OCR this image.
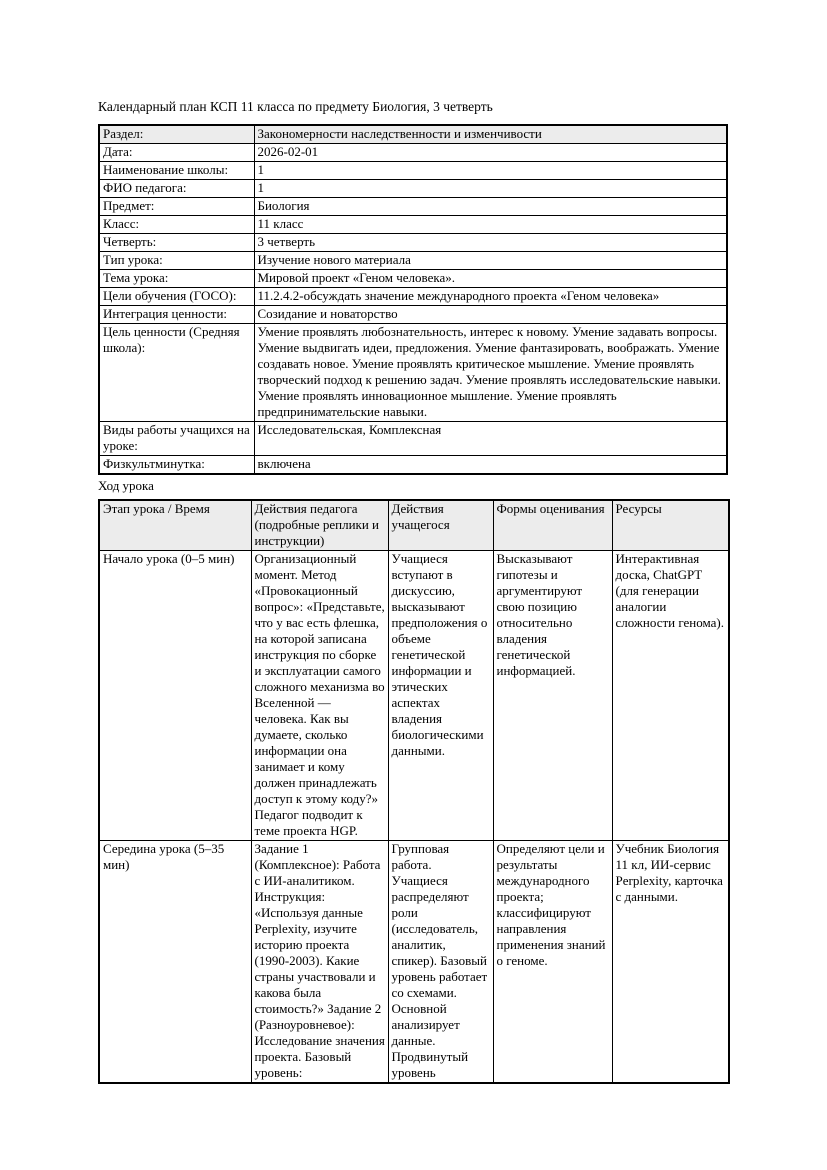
Календарный план КСП 11 класса по предмету Биология, 3 четверть
Раздел:	Закономерности наследственности и изменчивости
Дата:	2026-02-01
Наименование школы:	1
ФИО педагога:	1
Предмет:	Биология
Класс:	11 класс
Четверть:	3 четверть
Тип урока:	Изучение нового материала
Тема урока:	Мировой проект «Геном человека».
Цели обучения (ГОСО):	11.2.4.2-обсуждать значение международного проекта «Геном человека»
Интеграция ценности:	Созидание и новаторство
Цель ценности (Средняя школа):	Умение проявлять любознательность, интерес к новому. Умение задавать вопросы. Умение выдвигать идеи, предложения. Умение фантазировать, воображать. Умение создавать новое. Умение проявлять критическое мышление. Умение проявлять творческий подход к решению задач. Умение проявлять исследовательские навыки. Умение проявлять инновационное мышление. Умение проявлять предпринимательские навыки.
Виды работы учащихся на уроке:	Исследовательская, Комплексная
Физкультминутка:	включена
Ход урока
Этап урока / Время	Действия педагога (подробные реплики и инструкции)	Действия учащегося	Формы оценивания	Ресурсы
Начало урока (0–5 мин)	Организационный момент. Метод «Провокационный вопрос»: «Представьте, что у вас есть флешка, на которой записана инструкция по сборке и эксплуатации самого сложного механизма во Вселенной — человека. Как вы думаете, сколько информации она занимает и кому должен принадлежать доступ к этому коду?» Педагог подводит к теме проекта HGP.	Учащиеся вступают в дискуссию, высказывают предположения о объеме генетической информации и этических аспектах владения биологическими данными.	Высказывают гипотезы и аргументируют свою позицию относительно владения генетической информацией.	Интерактивная доска, ChatGPT (для генерации аналогии сложности генома).
Середина урока (5–35 мин)	Задание 1 (Комплексное): Работа с ИИ-аналитиком. Инструкция: «Используя данные Perplexity, изучите историю проекта (1990-2003). Какие страны участвовали и какова была стоимость?» Задание 2 (Разноуровневое): Исследование значения проекта. Базовый уровень:	Групповая работа. Учащиеся распределяют роли (исследователь, аналитик, спикер). Базовый уровень работает со схемами. Основной анализирует данные. Продвинутый уровень	Определяют цели и результаты международного проекта; классифицируют направления применения знаний о геноме.	Учебник Биология 11 кл, ИИ-сервис Perplexity, карточка с данными.
